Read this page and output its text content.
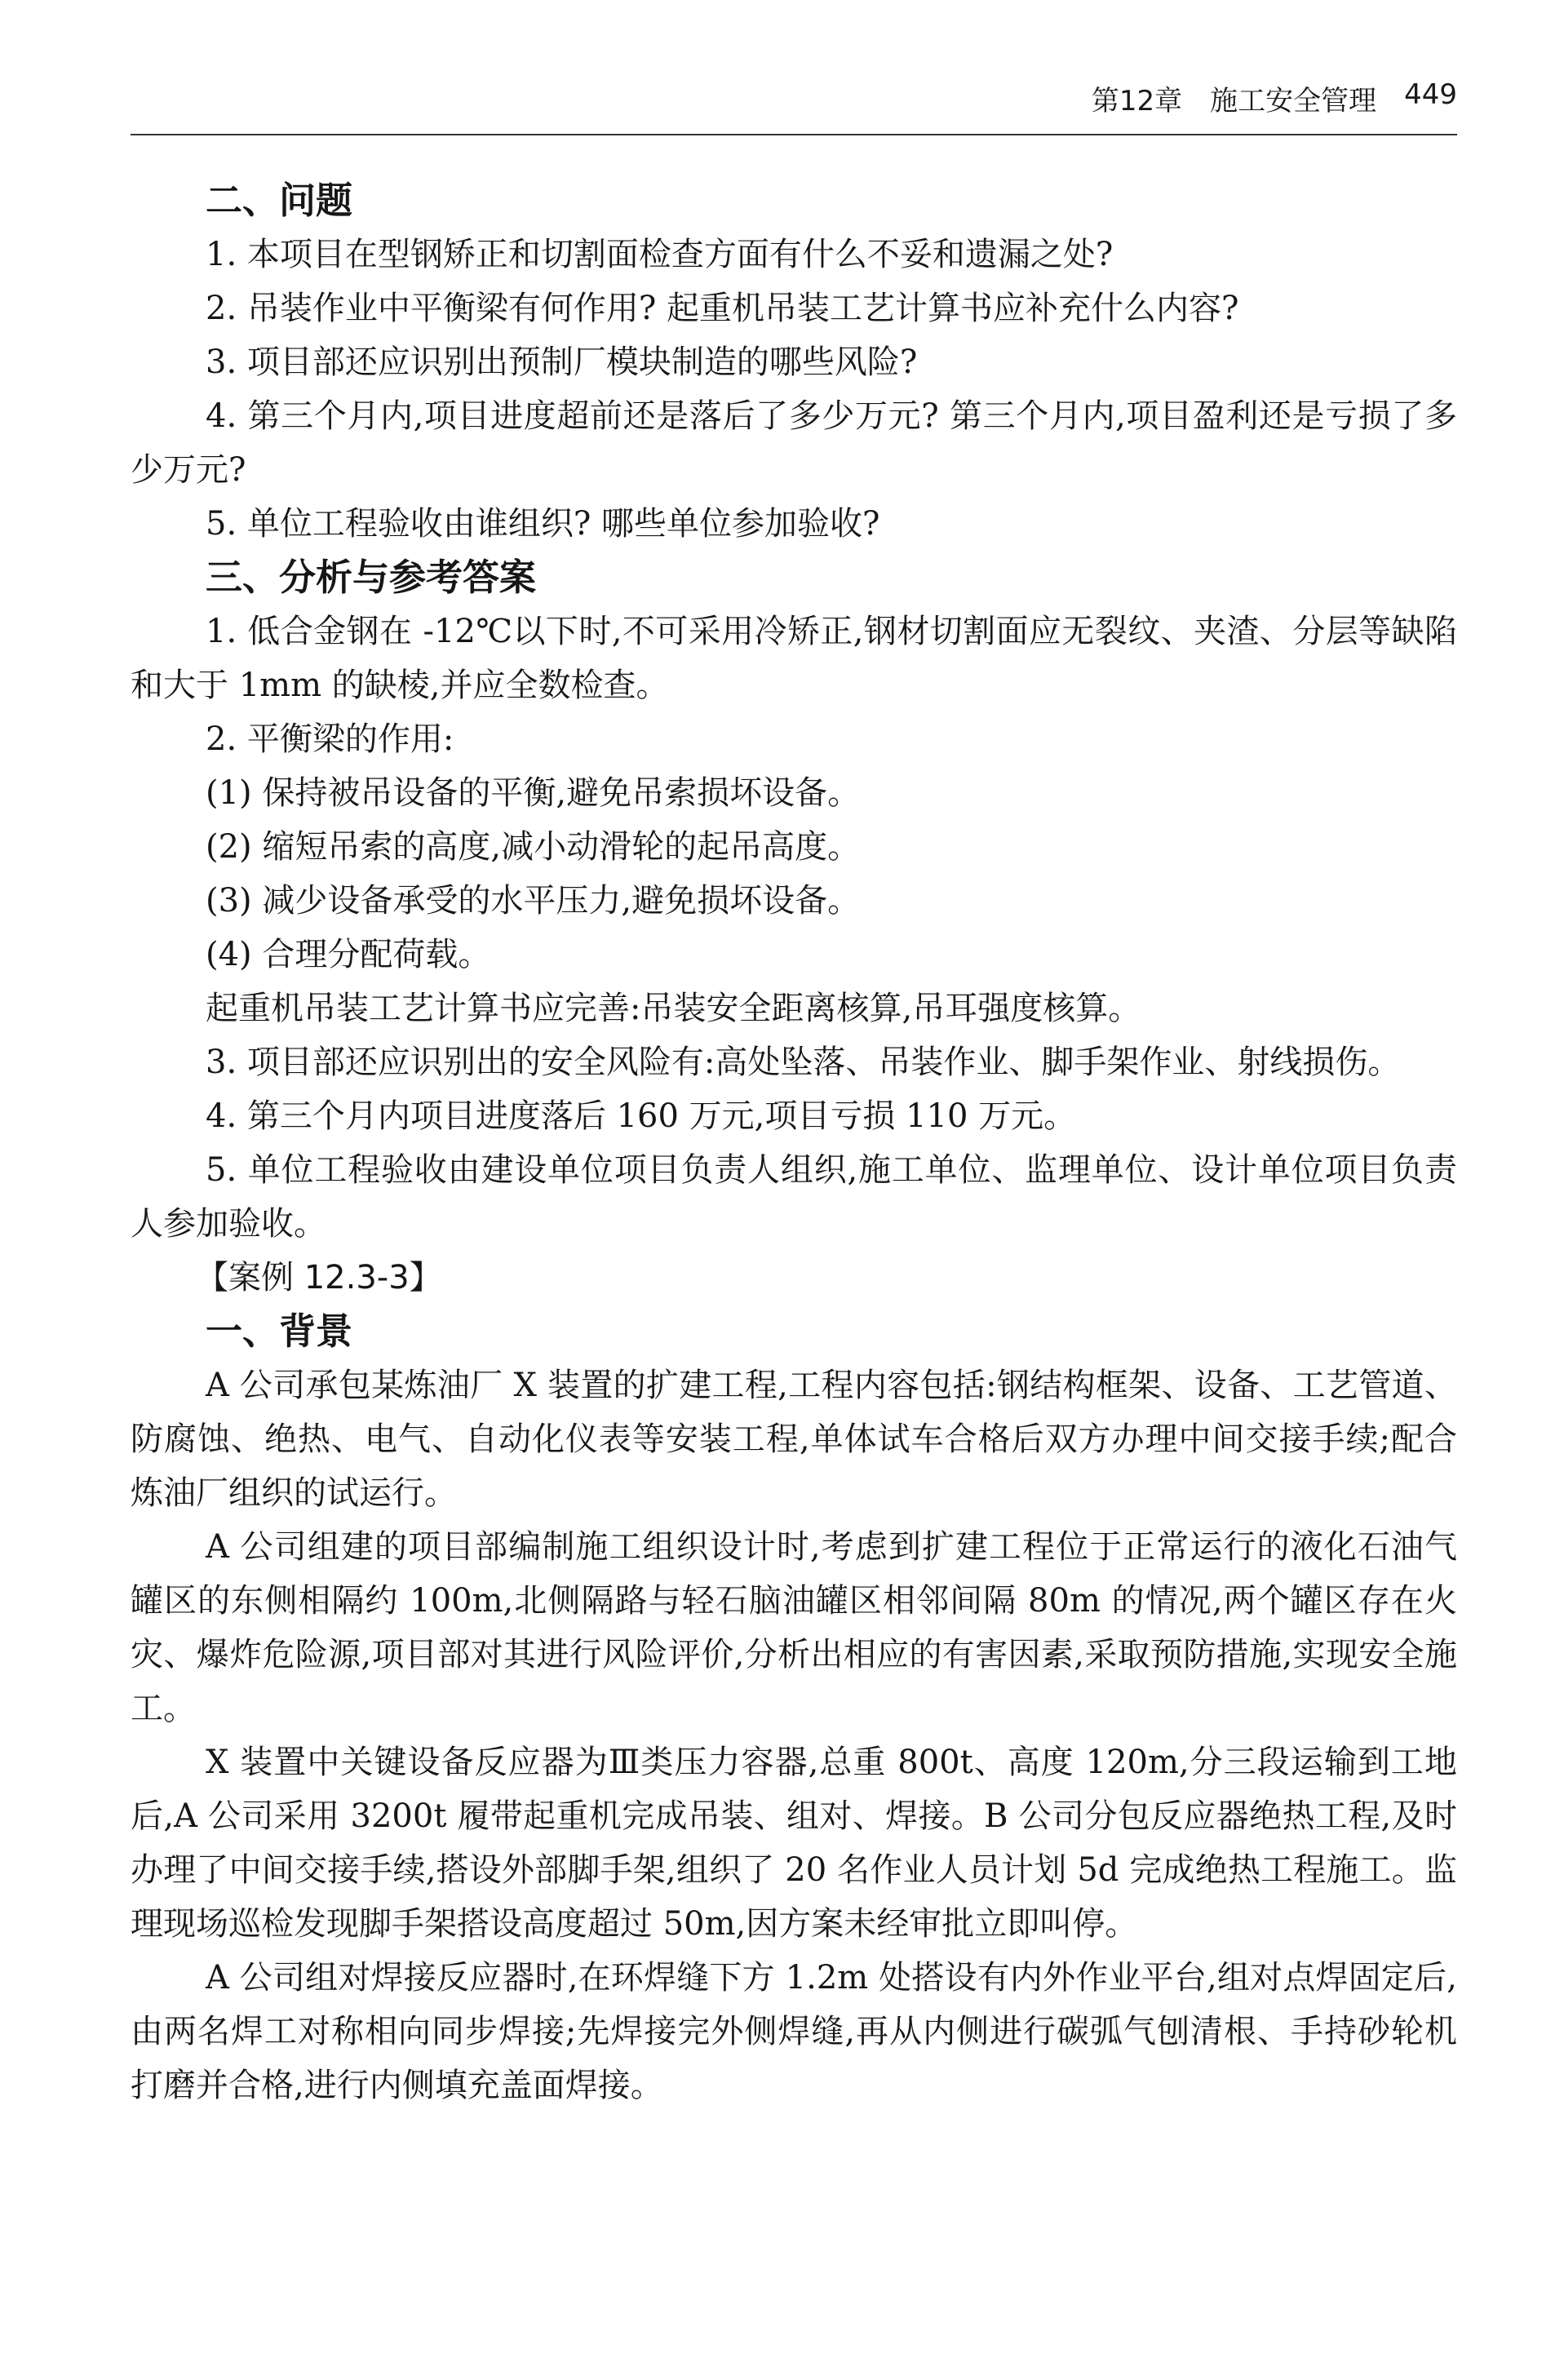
第12章 施工安全管理 449
二、问题
1. 本项目在型钢矫正和切割面检查方面有什么不妥和遗漏之处?
2. 吊装作业中平衡梁有何作用? 起重机吊装工艺计算书应补充什么内容?
3. 项目部还应识别出预制厂模块制造的哪些风险?
4. 第三个月内,项目进度超前还是落后了多少万元? 第三个月内,项目盈利还是亏损了多少万元?
5. 单位工程验收由谁组织? 哪些单位参加验收?
三、分析与参考答案
1. 低合金钢在 -12℃以下时,不可采用冷矫正,钢材切割面应无裂纹、夹渣、分层等缺陷和大于 1mm 的缺棱,并应全数检查。
2. 平衡梁的作用:
(1) 保持被吊设备的平衡,避免吊索损坏设备。
(2) 缩短吊索的高度,减小动滑轮的起吊高度。
(3) 减少设备承受的水平压力,避免损坏设备。
(4) 合理分配荷载。
起重机吊装工艺计算书应完善:吊装安全距离核算,吊耳强度核算。
3. 项目部还应识别出的安全风险有:高处坠落、吊装作业、脚手架作业、射线损伤。
4. 第三个月内项目进度落后 160 万元,项目亏损 110 万元。
5. 单位工程验收由建设单位项目负责人组织,施工单位、监理单位、设计单位项目负责人参加验收。
【案例 12.3-3】
一、背景
A 公司承包某炼油厂 X 装置的扩建工程,工程内容包括:钢结构框架、设备、工艺管道、防腐蚀、绝热、电气、自动化仪表等安装工程,单体试车合格后双方办理中间交接手续;配合炼油厂组织的试运行。
A 公司组建的项目部编制施工组织设计时,考虑到扩建工程位于正常运行的液化石油气罐区的东侧相隔约 100m,北侧隔路与轻石脑油罐区相邻间隔 80m 的情况,两个罐区存在火灾、爆炸危险源,项目部对其进行风险评价,分析出相应的有害因素,采取预防措施,实现安全施工。
X 装置中关键设备反应器为Ⅲ类压力容器,总重 800t、高度 120m,分三段运输到工地后,A 公司采用 3200t 履带起重机完成吊装、组对、焊接。B 公司分包反应器绝热工程,及时办理了中间交接手续,搭设外部脚手架,组织了 20 名作业人员计划 5d 完成绝热工程施工。监理现场巡检发现脚手架搭设高度超过 50m,因方案未经审批立即叫停。
A 公司组对焊接反应器时,在环焊缝下方 1.2m 处搭设有内外作业平台,组对点焊固定后,由两名焊工对称相向同步焊接;先焊接完外侧焊缝,再从内侧进行碳弧气刨清根、手持砂轮机打磨并合格,进行内侧填充盖面焊接。
